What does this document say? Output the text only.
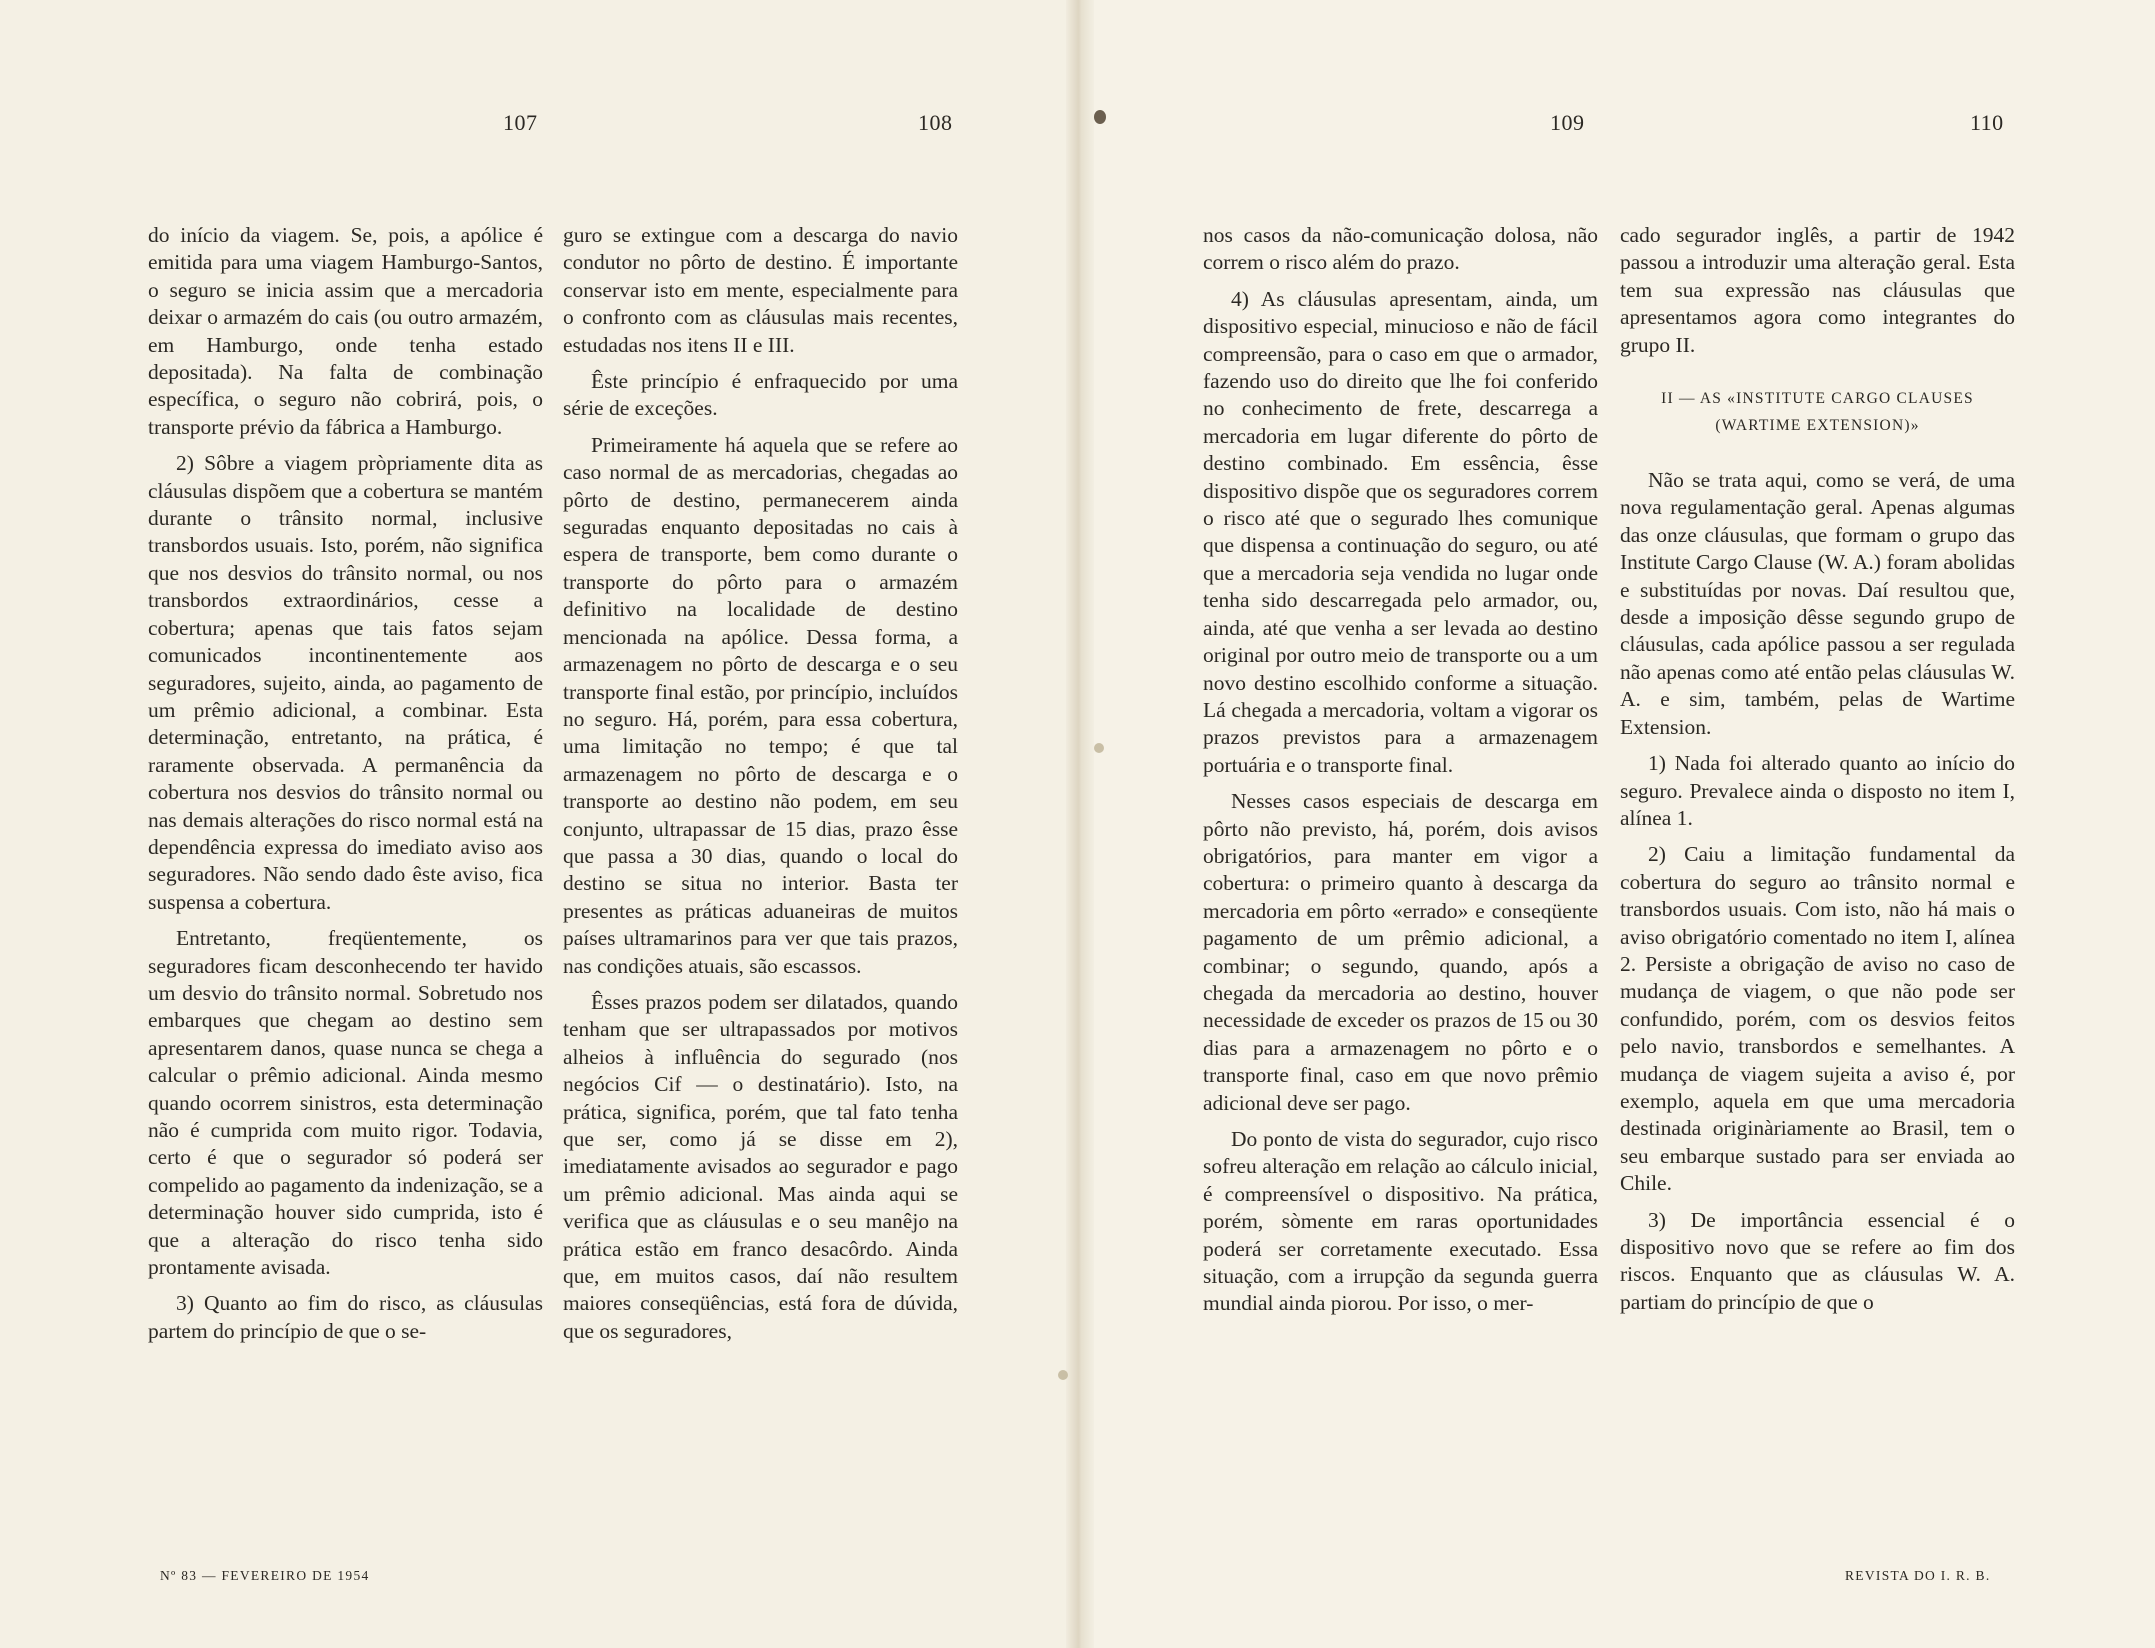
107	108	109	110

do início da viagem. Se, pois, a apólice é emitida para uma viagem Hamburgo-Santos, o seguro se inicia assim que a mercadoria deixar o armazém do cais (ou outro armazém, em Hamburgo, onde tenha estado depositada). Na falta de combinação específica, o seguro não cobrirá, pois, o transporte prévio da fábrica a Hamburgo.

2) Sôbre a viagem pròpriamente dita as cláusulas dispõem que a cobertura se mantém durante o trânsito normal, inclusive transbordos usuais. Isto, porém, não significa que nos desvios do trânsito normal, ou nos transbordos extraordinários, cesse a cobertura; apenas que tais fatos sejam comunicados incontinentemente aos seguradores, sujeito, ainda, ao pagamento de um prêmio adicional, a combinar. Esta determinação, entretanto, na prática, é raramente observada. A permanência da cobertura nos desvios do trânsito normal ou nas demais alterações do risco normal está na dependência expressa do imediato aviso aos seguradores. Não sendo dado êste aviso, fica suspensa a cobertura.

Entretanto, freqüentemente, os seguradores ficam desconhecendo ter havido um desvio do trânsito normal. Sobretudo nos embarques que chegam ao destino sem apresentarem danos, quase nunca se chega a calcular o prêmio adicional. Ainda mesmo quando ocorrem sinistros, esta determinação não é cumprida com muito rigor. Todavia, certo é que o segurador só poderá ser compelido ao pagamento da indenização, se a determinação houver sido cumprida, isto é que a alteração do risco tenha sido prontamente avisada.

3) Quanto ao fim do risco, as cláusulas partem do princípio de que o se-

guro se extingue com a descarga do navio condutor no pôrto de destino. É importante conservar isto em mente, especialmente para o confronto com as cláusulas mais recentes, estudadas nos itens II e III.

Êste princípio é enfraquecido por uma série de exceções.

Primeiramente há aquela que se refere ao caso normal de as mercadorias, chegadas ao pôrto de destino, permanecerem ainda seguradas enquanto depositadas no cais à espera de transporte, bem como durante o transporte do pôrto para o armazém definitivo na localidade de destino mencionada na apólice. Dessa forma, a armazenagem no pôrto de descarga e o seu transporte final estão, por princípio, incluídos no seguro. Há, porém, para essa cobertura, uma limitação no tempo; é que tal armazenagem no pôrto de descarga e o transporte ao destino não podem, em seu conjunto, ultrapassar de 15 dias, prazo êsse que passa a 30 dias, quando o local do destino se situa no interior. Basta ter presentes as práticas aduaneiras de muitos países ultramarinos para ver que tais prazos, nas condições atuais, são escassos.

Êsses prazos podem ser dilatados, quando tenham que ser ultrapassados por motivos alheios à influência do segurado (nos negócios Cif — o destinatário). Isto, na prática, significa, porém, que tal fato tenha que ser, como já se disse em 2), imediatamente avisados ao segurador e pago um prêmio adicional. Mas ainda aqui se verifica que as cláusulas e o seu manêjo na prática estão em franco desacôrdo. Ainda que, em muitos casos, daí não resultem maiores conseqüências, está fora de dúvida, que os seguradores,

nos casos da não-comunicação dolosa, não correm o risco além do prazo.

4) As cláusulas apresentam, ainda, um dispositivo especial, minucioso e não de fácil compreensão, para o caso em que o armador, fazendo uso do direito que lhe foi conferido no conhecimento de frete, descarrega a mercadoria em lugar diferente do pôrto de destino combinado. Em essência, êsse dispositivo dispõe que os seguradores correm o risco até que o segurado lhes comunique que dispensa a continuação do seguro, ou até que a mercadoria seja vendida no lugar onde tenha sido descarregada pelo armador, ou, ainda, até que venha a ser levada ao destino original por outro meio de transporte ou a um novo destino escolhido conforme a situação. Lá chegada a mercadoria, voltam a vigorar os prazos previstos para a armazenagem portuária e o transporte final.

Nesses casos especiais de descarga em pôrto não previsto, há, porém, dois avisos obrigatórios, para manter em vigor a cobertura: o primeiro quanto à descarga da mercadoria em pôrto «errado» e conseqüente pagamento de um prêmio adicional, a combinar; o segundo, quando, após a chegada da mercadoria ao destino, houver necessidade de exceder os prazos de 15 ou 30 dias para a armazenagem no pôrto e o transporte final, caso em que novo prêmio adicional deve ser pago.

Do ponto de vista do segurador, cujo risco sofreu alteração em relação ao cálculo inicial, é compreensível o dispositivo. Na prática, porém, sòmente em raras oportunidades poderá ser corretamente executado. Essa situação, com a irrupção da segunda guerra mundial ainda piorou. Por isso, o mer-

cado segurador inglês, a partir de 1942 passou a introduzir uma alteração geral. Esta tem sua expressão nas cláusulas que apresentamos agora como integrantes do grupo II.

II — AS «INSTITUTE CARGO CLAUSES
(WARTIME EXTENSION)»

Não se trata aqui, como se verá, de uma nova regulamentação geral. Apenas algumas das onze cláusulas, que formam o grupo das Institute Cargo Clause (W. A.) foram abolidas e substituídas por novas. Daí resultou que, desde a imposição dêsse segundo grupo de cláusulas, cada apólice passou a ser regulada não apenas como até então pelas cláusulas W. A. e sim, também, pelas de Wartime Extension.

1) Nada foi alterado quanto ao início do seguro. Prevalece ainda o disposto no item I, alínea 1.

2) Caiu a limitação fundamental da cobertura do seguro ao trânsito normal e transbordos usuais. Com isto, não há mais o aviso obrigatório comentado no item I, alínea 2. Persiste a obrigação de aviso no caso de mudança de viagem, o que não pode ser confundido, porém, com os desvios feitos pelo navio, transbordos e semelhantes. A mudança de viagem sujeita a aviso é, por exemplo, aquela em que uma mercadoria destinada originàriamente ao Brasil, tem o seu embarque sustado para ser enviada ao Chile.

3) De importância essencial é o dispositivo novo que se refere ao fim dos riscos. Enquanto que as cláusulas W. A. partiam do princípio de que o

Nº 83 — FEVEREIRO DE 1954	REVISTA DO I. R. B.
